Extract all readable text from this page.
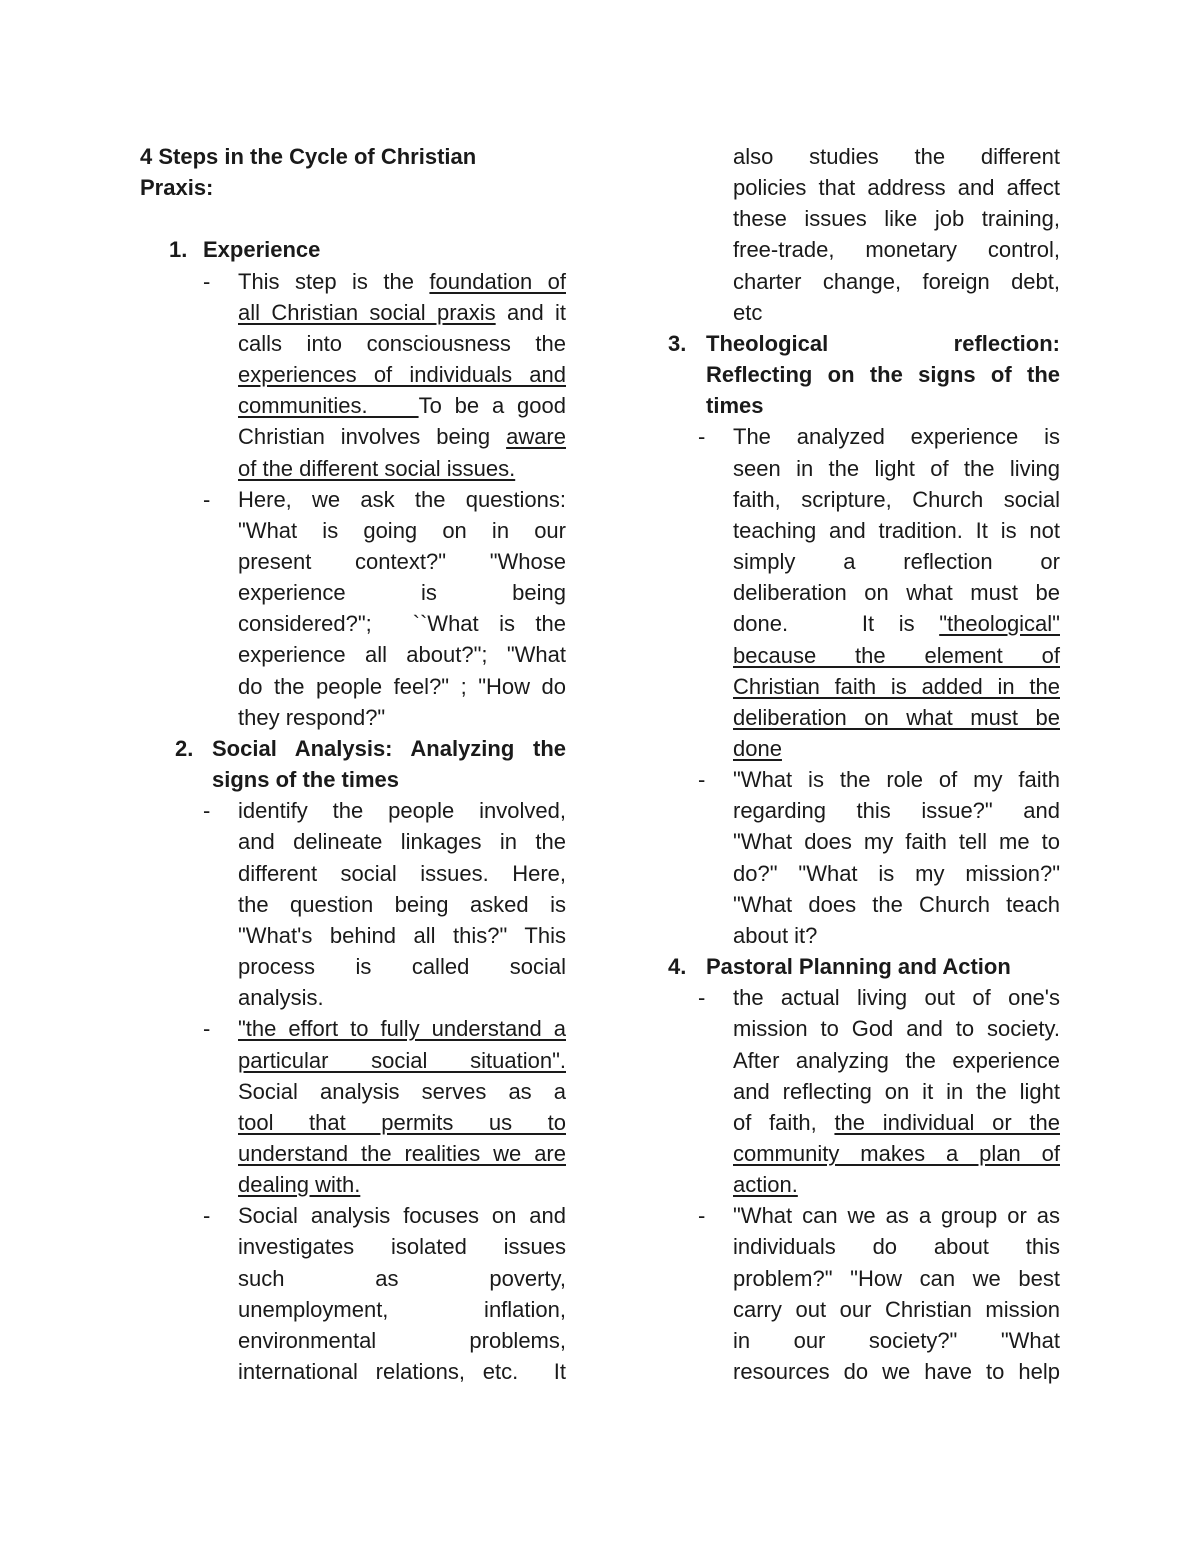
4 Steps in the Cycle of Christian
Praxis:

1. Experience
- This step is the foundation of
all Christian social praxis and it
calls into consciousness the
experiences of individuals and
communities.    To be a good
Christian involves being aware
of the different social issues.
- Here, we ask the questions:
"What is going on in our
present context?" "Whose
experience is being
considered?";  ``What is the
experience all about?"; "What
do the people feel?" ; "How do
they respond?"
2. Social Analysis: Analyzing the
signs of the times
- identify the people involved,
and delineate linkages in the
different social issues. Here,
the question being asked is
"What's behind all this?" This
process is called social
analysis.
- "the effort to fully understand a
particular social situation".
Social analysis serves as a
tool that permits us to
understand the realities we are
dealing with.
- Social analysis focuses on and
investigates isolated issues
such as poverty,
unemployment, inflation,
environmental problems,
international relations, etc.  It
also studies the different
policies that address and affect
these issues like job training,
free-trade, monetary control,
charter change, foreign debt,
etc
3. Theological reflection:
Reflecting on the signs of the
times
- The analyzed experience is
seen in the light of the living
faith, scripture, Church social
teaching and tradition. It is not
simply a reflection or
deliberation on what must be
done.   It is "theological"
because the element of
Christian faith is added in the
deliberation on what must be
done
- "What is the role of my faith
regarding this issue?" and
"What does my faith tell me to
do?" "What is my mission?"
"What does the Church teach
about it?
4. Pastoral Planning and Action
- the actual living out of one's
mission to God and to society.
After analyzing the experience
and reflecting on it in the light
of faith, the individual or the
community makes a plan of
action.
- "What can we as a group or as
individuals do about this
problem?" "How can we best
carry out our Christian mission
in our society?" "What
resources do we have to help
